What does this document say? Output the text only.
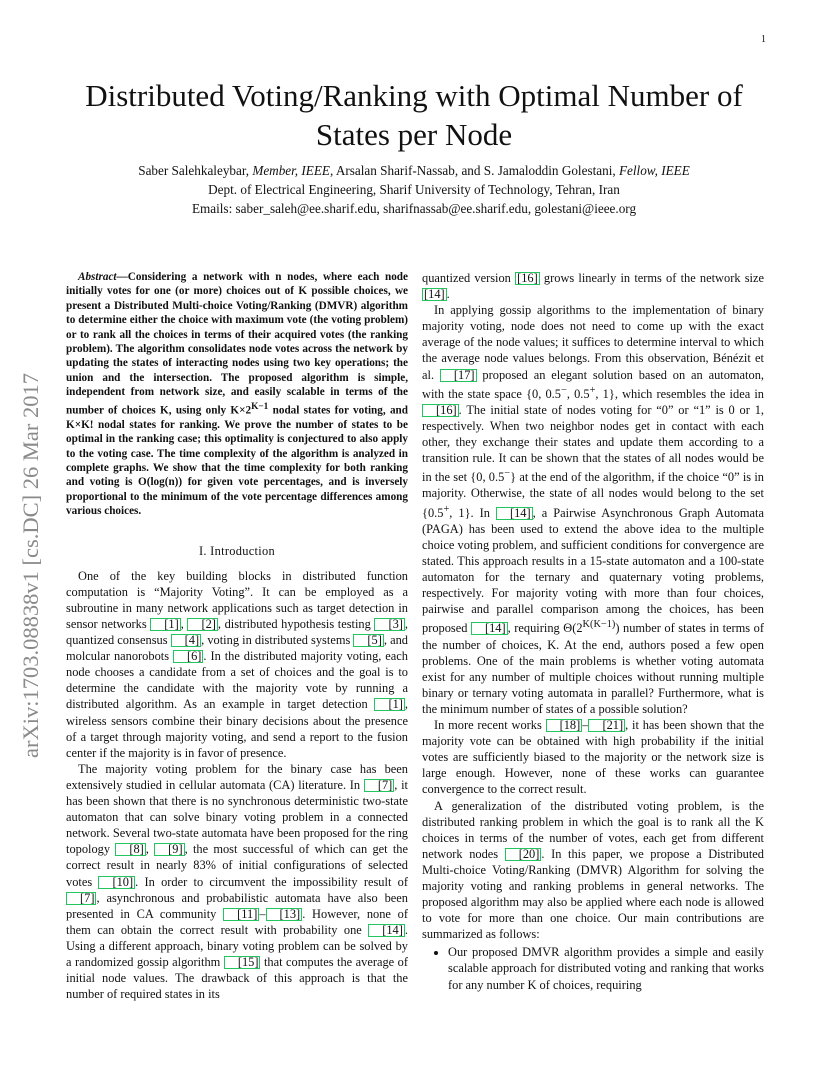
1
arXiv:1703.08838v1 [cs.DC] 26 Mar 2017
Distributed Voting/Ranking with Optimal Number of States per Node
Saber Salehkaleybar, Member, IEEE, Arsalan Sharif-Nassab, and S. Jamaloddin Golestani, Fellow, IEEE
Dept. of Electrical Engineering, Sharif University of Technology, Tehran, Iran
Emails: saber_saleh@ee.sharif.edu, sharifnassab@ee.sharif.edu, golestani@ieee.org

Abstract—Considering a network with n nodes, where each node initially votes for one (or more) choices out of K possible choices, we present a Distributed Multi-choice Voting/Ranking (DMVR) algorithm to determine either the choice with maximum vote (the voting problem) or to rank all the choices in terms of their acquired votes (the ranking problem). The algorithm consolidates node votes across the network by updating the states of interacting nodes using two key operations; the union and the intersection. The proposed algorithm is simple, independent from network size, and easily scalable in terms of the number of choices K, using only $K\times 2^{K-1}$ nodal states for voting, and K×K! nodal states for ranking. We prove the number of states to be optimal in the ranking case; this optimality is conjectured to also apply to the voting case. The time complexity of the algorithm is analyzed in complete graphs. We show that the time complexity for both ranking and voting is O(log(n)) for given vote percentages, and is inversely proportional to the minimum of the vote percentage differences among various choices.

I. Introduction

One of the key building blocks in distributed function computation is “Majority Voting”. It can be employed as a subroutine in many network applications such as target detection in sensor networks [1] , [2] , distributed hypothesis testing [3] , quantized consensus [4] , voting in distributed systems [5] , and molcular nanorobots [6] . In the distributed majority voting, each node chooses a candidate from a set of choices and the goal is to determine the candidate with the majority vote by running a distributed algorithm. As an example in target detection [1] , wireless sensors combine their binary decisions about the presence of a target through majority voting, and send a report to the fusion center if the majority is in favor of presence.

The majority voting problem for the binary case has been extensively studied in cellular automata (CA) literature. In [7] , it has been shown that there is no synchronous deterministic two-state automaton that can solve binary voting problem in a connected network. Several two-state automata have been proposed for the ring topology [8] , [9] , the most successful of which can get the correct result in nearly 83% of initial configurations of selected votes [10] . In order to circumvent the impossibility result of [7] , asynchronous and probabilistic automata have also been presented in CA community [11] – [13] . However, none of them can obtain the correct result with probability one [14] . Using a different approach, binary voting problem can be solved by a randomized gossip algorithm [15] that computes the average of initial node values. The drawback of this approach is that the number of required states in its

quantized version [16] grows linearly in terms of the network size [14] .

In applying gossip algorithms to the implementation of binary majority voting, node does not need to come up with the exact average of the node values; it suffices to determine interval to which the average node values belongs. From this observation, Bénézit et al. [17] proposed an elegant solution based on an automaton, with the state space {0, 0.5−, 0.5+, 1}, which resembles the idea in [16] . The initial state of nodes voting for “0” or “1” is 0 or 1, respectively. When two neighbor nodes get in contact with each other, they exchange their states and update them according to a transition rule. It can be shown that the states of all nodes would be in the set {0, 0.5−} at the end of the algorithm, if the choice “0” is in majority. Otherwise, the state of all nodes would belong to the set {0.5+, 1}. In [14] , a Pairwise Asynchronous Graph Automata (PAGA) has been used to extend the above idea to the multiple choice voting problem, and sufficient conditions for convergence are stated. This approach results in a 15-state automaton and a 100-state automaton for the ternary and quaternary voting problems, respectively. For majority voting with more than four choices, pairwise and parallel comparison among the choices, has been proposed [14] , requiring $\Theta(2^{K(K-1)})$ number of states in terms of the number of choices, K. At the end, authors posed a few open problems. One of the main problems is whether voting automata exist for any number of multiple choices without running multiple binary or ternary voting automata in parallel? Furthermore, what is the minimum number of states of a possible solution?

In more recent works [18] – [21] , it has been shown that the majority vote can be obtained with high probability if the initial votes are sufficiently biased to the majority or the network size is large enough. However, none of these works can guarantee convergence to the correct result.

A generalization of the distributed voting problem, is the distributed ranking problem in which the goal is to rank all the K choices in terms of the number of votes, each get from different network nodes [20] . In this paper, we propose a Distributed Multi-choice Voting/Ranking (DMVR) Algorithm for solving the majority voting and ranking problems in general networks. The proposed algorithm may also be applied where each node is allowed to vote for more than one choice. Our main contributions are summarized as follows:

• Our proposed DMVR algorithm provides a simple and easily scalable approach for distributed voting and ranking that works for any number K of choices, requiring
